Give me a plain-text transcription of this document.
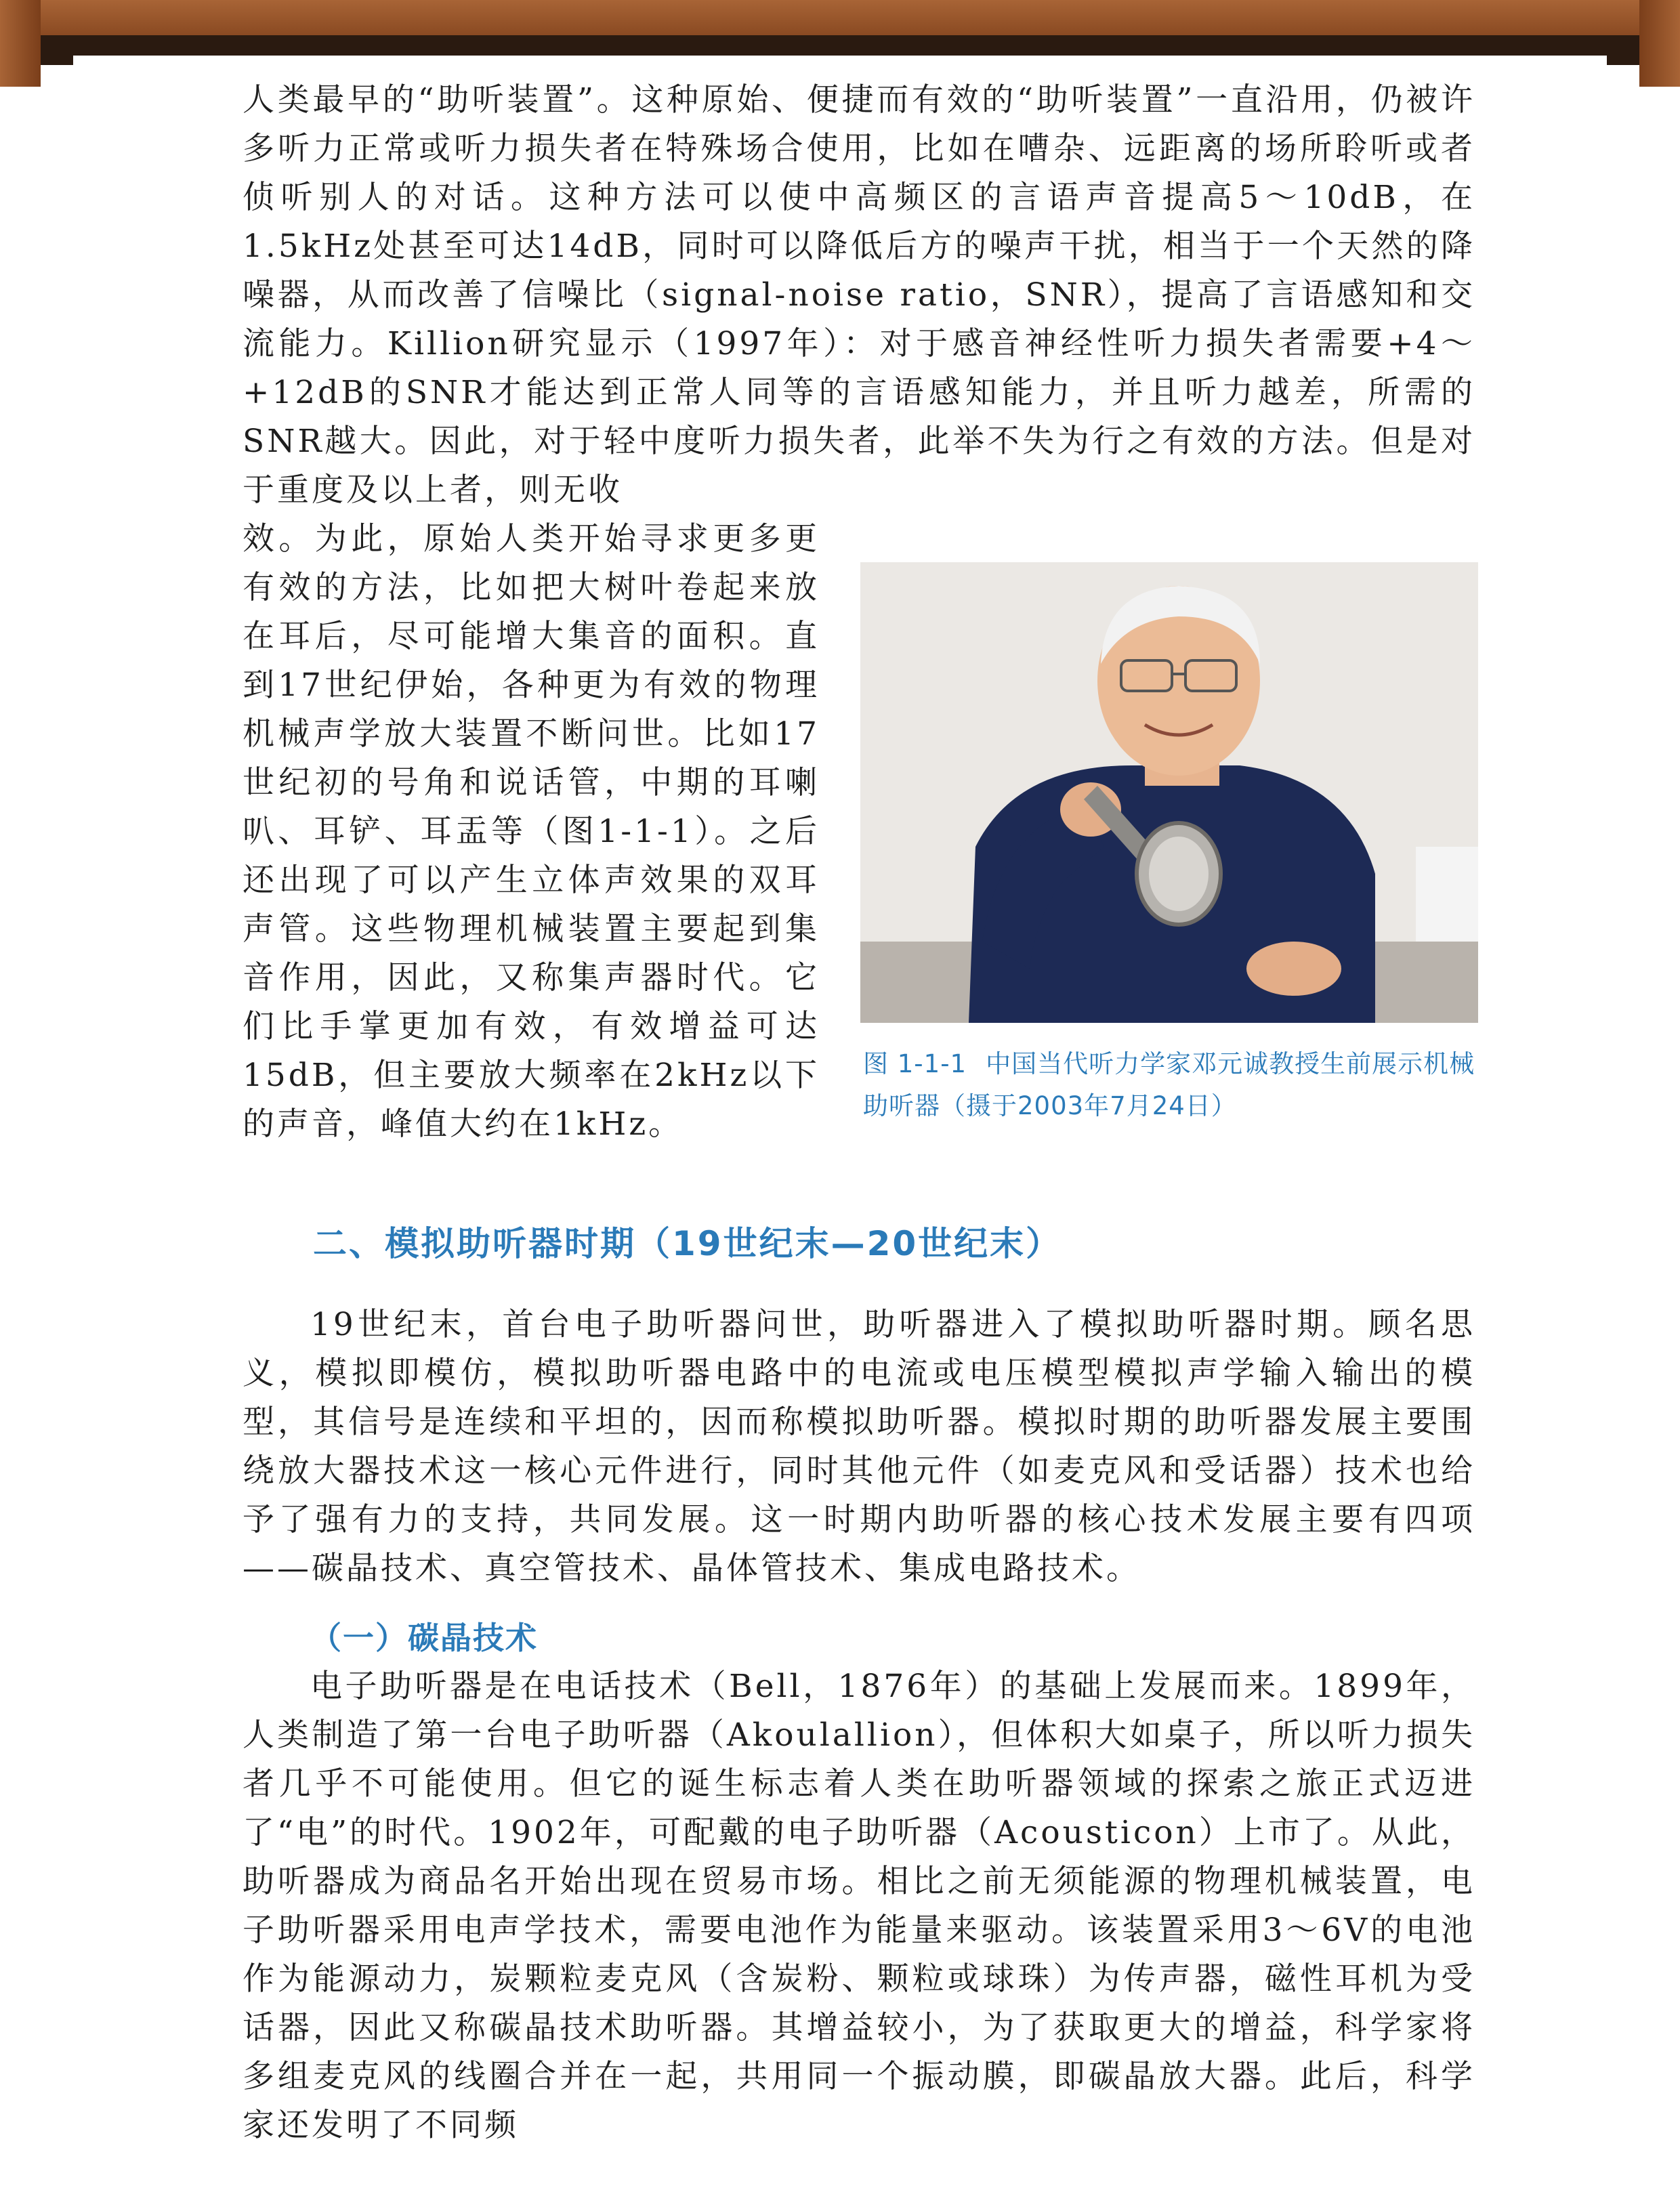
人类最早的“助听装置”。这种原始、便捷而有效的“助听装置”一直沿用，仍被许多听力正常或听力损失者在特殊场合使用，比如在嘈杂、远距离的场所聆听或者侦听别人的对话。这种方法可以使中高频区的言语声音提高5～10dB，在1.5kHz处甚至可达14dB，同时可以降低后方的噪声干扰，相当于一个天然的降噪器，从而改善了信噪比（signal-noise ratio，SNR），提高了言语感知和交流能力。Killion研究显示（1997年）：对于感音神经性听力损失者需要+4～+12dB的SNR才能达到正常人同等的言语感知能力，并且听力越差，所需的SNR越大。因此，对于轻中度听力损失者，此举不失为行之有效的方法。但是对于重度及以上者，则无收

效。为此，原始人类开始寻求更多更有效的方法，比如把大树叶卷起来放在耳后，尽可能增大集音的面积。直到17世纪伊始，各种更为有效的物理机械声学放大装置不断问世。比如17世纪初的号角和说话管，中期的耳喇叭、耳铲、耳盂等（图1-1-1）。之后还出现了可以产生立体声效果的双耳声管。这些物理机械装置主要起到集音作用，因此，又称集声器时代。它们比手掌更加有效，有效增益可达15dB，但主要放大频率在2kHz以下的声音，峰值大约在1kHz。

图 1-1-1 中国当代听力学家邓元诚教授生前展示机械助听器（摄于2003年7月24日）
二、模拟助听器时期（19世纪末—20世纪末）

19世纪末，首台电子助听器问世，助听器进入了模拟助听器时期。顾名思义，模拟即模仿，模拟助听器电路中的电流或电压模型模拟声学输入输出的模型，其信号是连续和平坦的，因而称模拟助听器。模拟时期的助听器发展主要围绕放大器技术这一核心元件进行，同时其他元件（如麦克风和受话器）技术也给予了强有力的支持，共同发展。这一时期内助听器的核心技术发展主要有四项——碳晶技术、真空管技术、晶体管技术、集成电路技术。

（一）碳晶技术

电子助听器是在电话技术（Bell，1876年）的基础上发展而来。1899年，人类制造了第一台电子助听器（Akoulallion），但体积大如桌子，所以听力损失者几乎不可能使用。但它的诞生标志着人类在助听器领域的探索之旅正式迈进了“电”的时代。1902年，可配戴的电子助听器（Acousticon）上市了。从此，助听器成为商品名开始出现在贸易市场。相比之前无须能源的物理机械装置，电子助听器采用电声学技术，需要电池作为能量来驱动。该装置采用3～6V的电池作为能源动力，炭颗粒麦克风（含炭粉、颗粒或球珠）为传声器，磁性耳机为受话器，因此又称碳晶技术助听器。其增益较小，为了获取更大的增益，科学家将多组麦克风的线圈合并在一起，共用同一个振动膜，即碳晶放大器。此后，科学家还发明了不同频
